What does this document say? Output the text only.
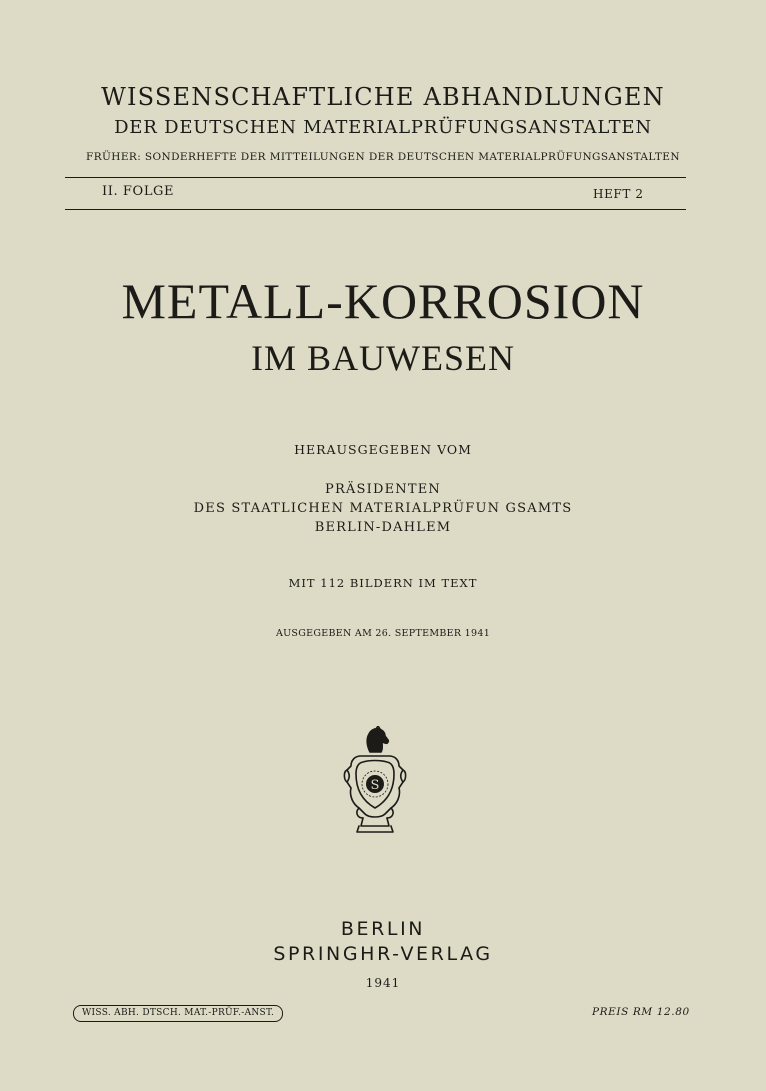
WISSENSCHAFTLICHE ABHANDLUNGEN
DER DEUTSCHEN MATERIALPRÜFUNGSANSTALTEN
FRÜHER: SONDERHEFTE DER MITTEILUNGEN DER DEUTSCHEN MATERIALPRÜFUNGSANSTALTEN
II. FOLGE	HEFT 2
METALL-KORROSION
IM BAUWESEN
HERAUSGEGEBEN VOM
PRÄSIDENTEN
DES STAATLICHEN MATERIALPRÜFUN GSAMTS
BERLIN-DAHLEM
MIT 112 BILDERN IM TEXT
AUSGEGEBEN AM 26. SEPTEMBER 1941
S
BERLIN
SPRINGHR-VERLAG
1941
WISS. ABH. DTSCH. MAT.-PRÜF.-ANST.	PREIS RM 12.80
